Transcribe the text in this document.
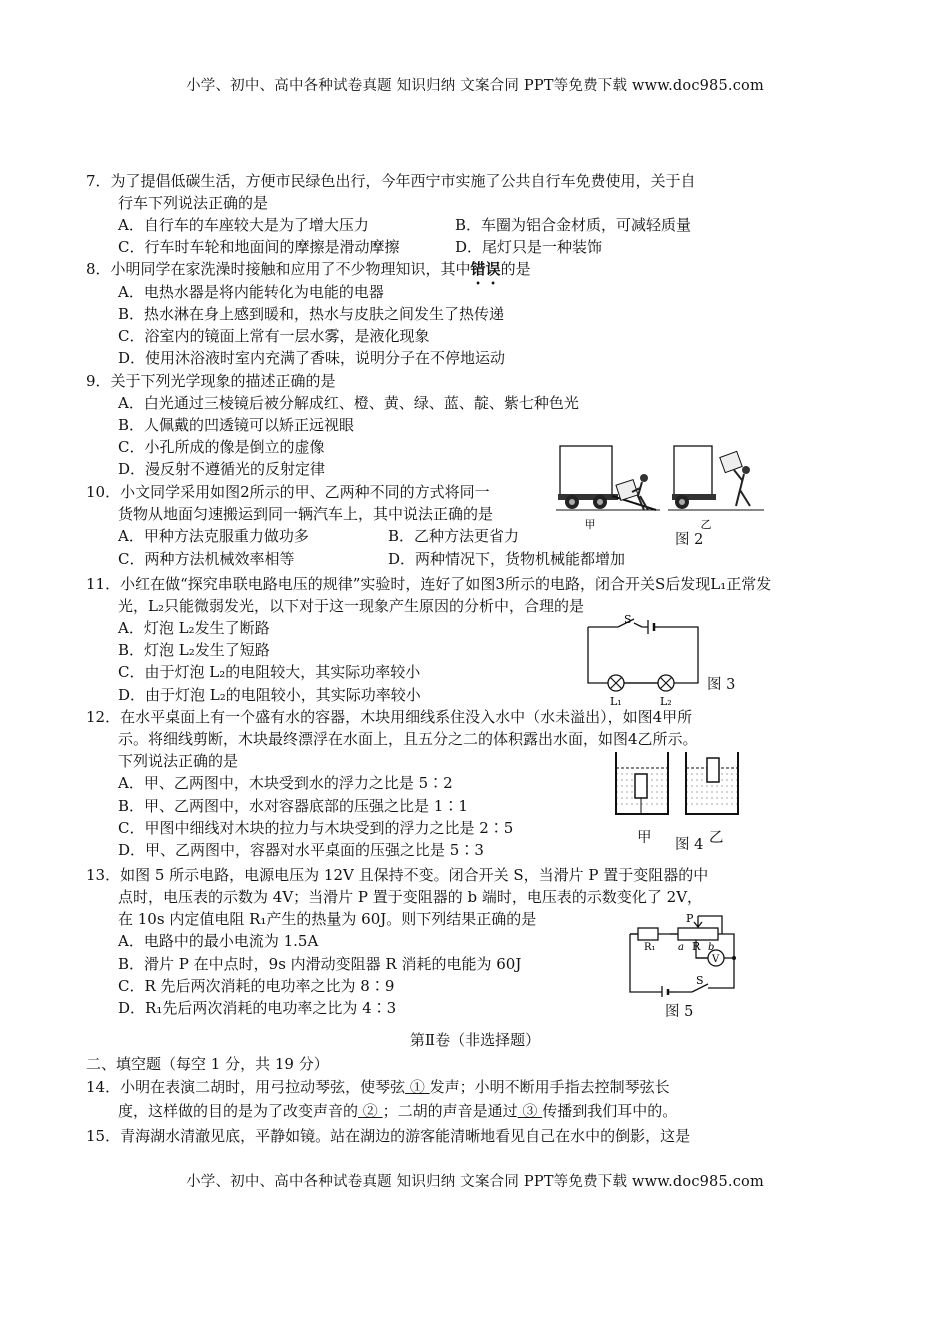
小学、初中、高中各种试卷真题 知识归纳 文案合同 PPT等免费下载 www.doc985.com
7．为了提倡低碳生活，方便市民绿色出行，今年西宁市实施了公共自行车免费使用，关于自
行车下列说法正确的是
A．自行车的车座较大是为了增大压力	B．车圈为铝合金材质，可减轻质量
C．行车时车轮和地面间的摩擦是滑动摩擦	D．尾灯只是一种装饰
8．小明同学在家洗澡时接触和应用了不少物理知识，其中错误的是
A．电热水器是将内能转化为电能的电器
B．热水淋在身上感到暖和，热水与皮肤之间发生了热传递
C．浴室内的镜面上常有一层水雾，是液化现象
D．使用沐浴液时室内充满了香味，说明分子在不停地运动
9．关于下列光学现象的描述正确的是
A．白光通过三棱镜后被分解成红、橙、黄、绿、蓝、靛、紫七种色光
B．人佩戴的凹透镜可以矫正远视眼
C．小孔所成的像是倒立的虚像
D．漫反射不遵循光的反射定律
甲	乙
图 2
10．小文同学采用如图2所示的甲、乙两种不同的方式将同一
货物从地面匀速搬运到同一辆汽车上，其中说法正确的是
A．甲种方法克服重力做功多	B．乙种方法更省力
C．两种方法机械效率相等	D．两种情况下，货物机械能都增加
11．小红在做“探究串联电路电压的规律”实验时，连好了如图3所示的电路，闭合开关S后发现L₁正常发
光，L₂只能微弱发光，以下对于这一现象产生原因的分析中，合理的是
A．灯泡 L₂发生了断路
B．灯泡 L₂发生了短路
C．由于灯泡 L₂的电阻较大，其实际功率较小
D．由于灯泡 L₂的电阻较小，其实际功率较小
S
L₁	L₂
图 3
12．在水平桌面上有一个盛有水的容器，木块用细线系住没入水中（水未溢出），如图4甲所
示。将细线剪断，木块最终漂浮在水面上，且五分之二的体积露出水面，如图4乙所示。
下列说法正确的是
A．甲、乙两图中，木块受到水的浮力之比是 5∶2
B．甲、乙两图中，水对容器底部的压强之比是 1∶1
C．甲图中细线对木块的拉力与木块受到的浮力之比是 2∶5
D．甲、乙两图中，容器对水平桌面的压强之比是 5∶3
甲 图 4 乙
13．如图 5 所示电路，电源电压为 12V 且保持不变。闭合开关 S，当滑片 P 置于变阻器的中
点时，电压表的示数为 4V；当滑片 P 置于变阻器的 b 端时，电压表的示数变化了 2V，
在 10s 内定值电阻 R₁产生的热量为 60J。则下列结果正确的是
A．电路中的最小电流为 1.5A
B．滑片 P 在中点时，9s 内滑动变阻器 R 消耗的电能为 60J
C．R 先后两次消耗的电功率之比为 8∶9
D．R₁先后两次消耗的电功率之比为 4∶3
R₁
P
a R b
V
S
图 5
第Ⅱ卷（非选择题）
二、填空题（每空 1 分，共 19 分）
14．小明在表演二胡时，用弓拉动琴弦，使琴弦 ① 发声；小明不断用手指去控制琴弦长
度，这样做的目的是为了改变声音的 ② ；二胡的声音是通过 ③ 传播到我们耳中的。
15．青海湖水清澈见底，平静如镜。站在湖边的游客能清晰地看见自己在水中的倒影，这是
小学、初中、高中各种试卷真题 知识归纳 文案合同 PPT等免费下载 www.doc985.com
